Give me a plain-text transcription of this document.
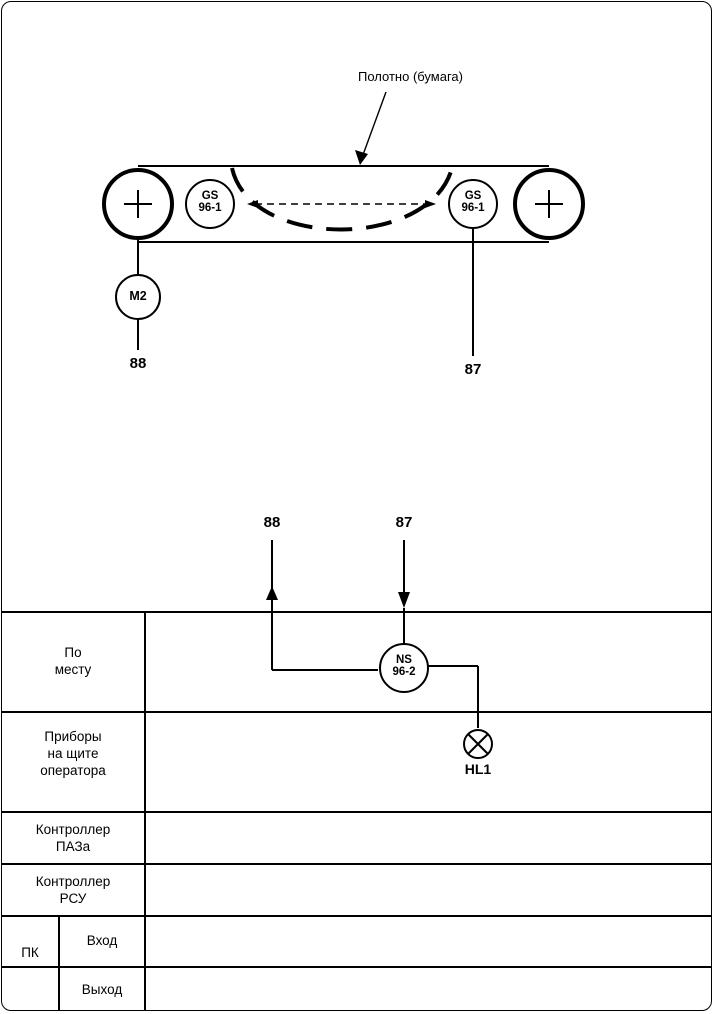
Полотно (бумага)
GS
96-1
GS
96-1
M2
88	87
88	87
NS
96-2
HL1
По
месту
Приборы
на щите
оператора
Контроллер
ПАЗа
Контроллер
РСУ
ПК
Вход
Выход
